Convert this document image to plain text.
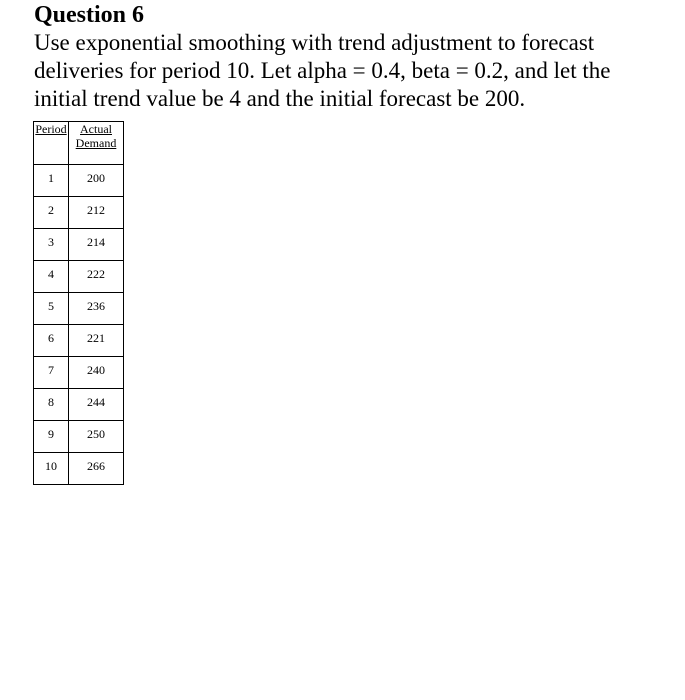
Question 6

Use exponential smoothing with trend adjustment to forecast
deliveries for period 10. Let alpha = 0.4, beta = 0.2, and let the
initial trend value be 4 and the initial forecast be 200.

Period	Actual
Demand
1	200
2	212
3	214
4	222
5	236
6	221
7	240
8	244
9	250
10	266
